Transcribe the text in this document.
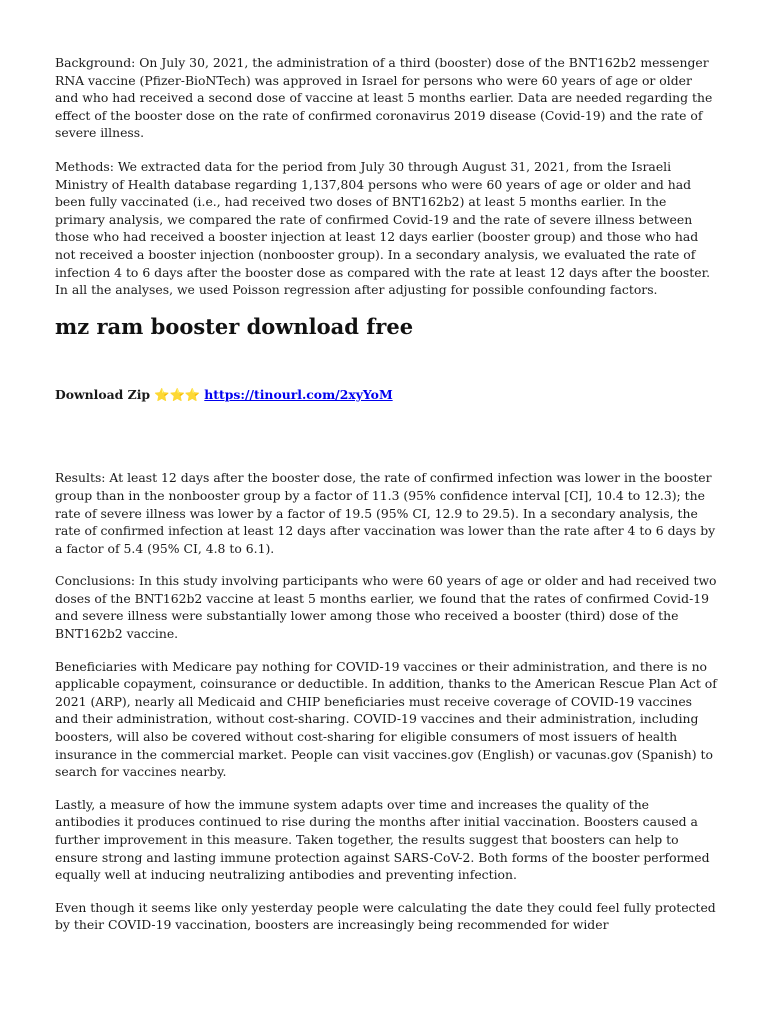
Background: On July 30, 2021, the administration of a third (booster) dose of the BNT162b2 messenger RNA vaccine (Pfizer-BioNTech) was approved in Israel for persons who were 60 years of age or older and who had received a second dose of vaccine at least 5 months earlier. Data are needed regarding the effect of the booster dose on the rate of confirmed coronavirus 2019 disease (Covid-19) and the rate of severe illness.

Methods: We extracted data for the period from July 30 through August 31, 2021, from the Israeli Ministry of Health database regarding 1,137,804 persons who were 60 years of age or older and had been fully vaccinated (i.e., had received two doses of BNT162b2) at least 5 months earlier. In the primary analysis, we compared the rate of confirmed Covid-19 and the rate of severe illness between those who had received a booster injection at least 12 days earlier (booster group) and those who had not received a booster injection (nonbooster group). In a secondary analysis, we evaluated the rate of infection 4 to 6 days after the booster dose as compared with the rate at least 12 days after the booster. In all the analyses, we used Poisson regression after adjusting for possible confounding factors.

mz ram booster download free
Download Zip ⭐⭐⭐ https://tinourl.com/2xyYoM

Results: At least 12 days after the booster dose, the rate of confirmed infection was lower in the booster group than in the nonbooster group by a factor of 11.3 (95% confidence interval [CI], 10.4 to 12.3); the rate of severe illness was lower by a factor of 19.5 (95% CI, 12.9 to 29.5). In a secondary analysis, the rate of confirmed infection at least 12 days after vaccination was lower than the rate after 4 to 6 days by a factor of 5.4 (95% CI, 4.8 to 6.1).

Conclusions: In this study involving participants who were 60 years of age or older and had received two doses of the BNT162b2 vaccine at least 5 months earlier, we found that the rates of confirmed Covid-19 and severe illness were substantially lower among those who received a booster (third) dose of the BNT162b2 vaccine.

Beneficiaries with Medicare pay nothing for COVID-19 vaccines or their administration, and there is no applicable copayment, coinsurance or deductible. In addition, thanks to the American Rescue Plan Act of 2021 (ARP), nearly all Medicaid and CHIP beneficiaries must receive coverage of COVID-19 vaccines and their administration, without cost-sharing. COVID-19 vaccines and their administration, including boosters, will also be covered without cost-sharing for eligible consumers of most issuers of health insurance in the commercial market. People can visit vaccines.gov (English) or vacunas.gov (Spanish) to search for vaccines nearby.

Lastly, a measure of how the immune system adapts over time and increases the quality of the antibodies it produces continued to rise during the months after initial vaccination. Boosters caused a further improvement in this measure. Taken together, the results suggest that boosters can help to ensure strong and lasting immune protection against SARS-CoV-2. Both forms of the booster performed equally well at inducing neutralizing antibodies and preventing infection.

Even though it seems like only yesterday people were calculating the date they could feel fully protected by their COVID-19 vaccination, boosters are increasingly being recommended for wider
